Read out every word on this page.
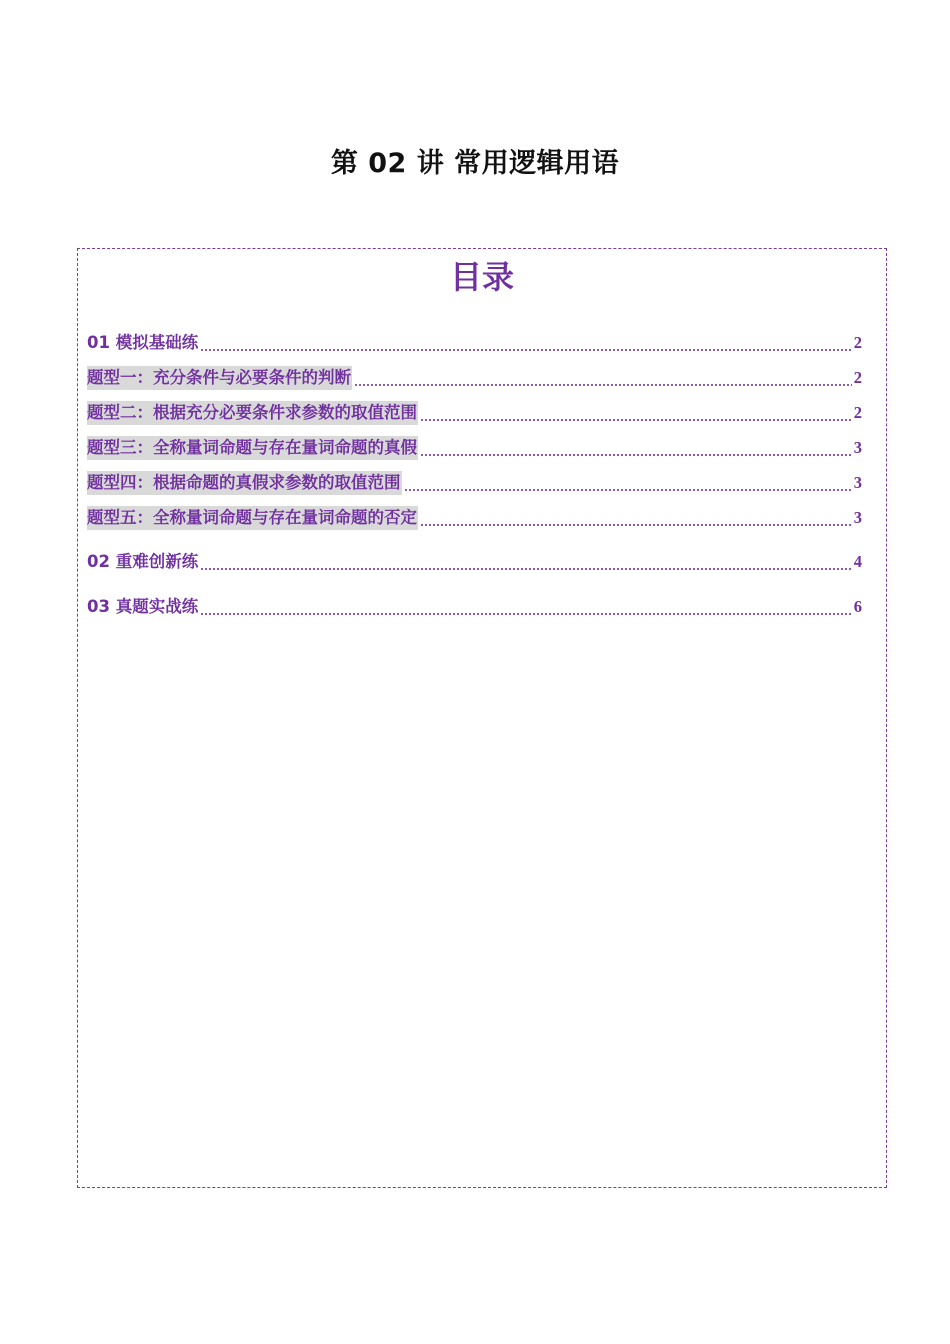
第 02 讲 常用逻辑用语
目录
01 模拟基础练	2
题型一：充分条件与必要条件的判断	2
题型二：根据充分必要条件求参数的取值范围	2
题型三：全称量词命题与存在量词命题的真假	3
题型四：根据命题的真假求参数的取值范围	3
题型五：全称量词命题与存在量词命题的否定	3
02 重难创新练	4
03 真题实战练	6
